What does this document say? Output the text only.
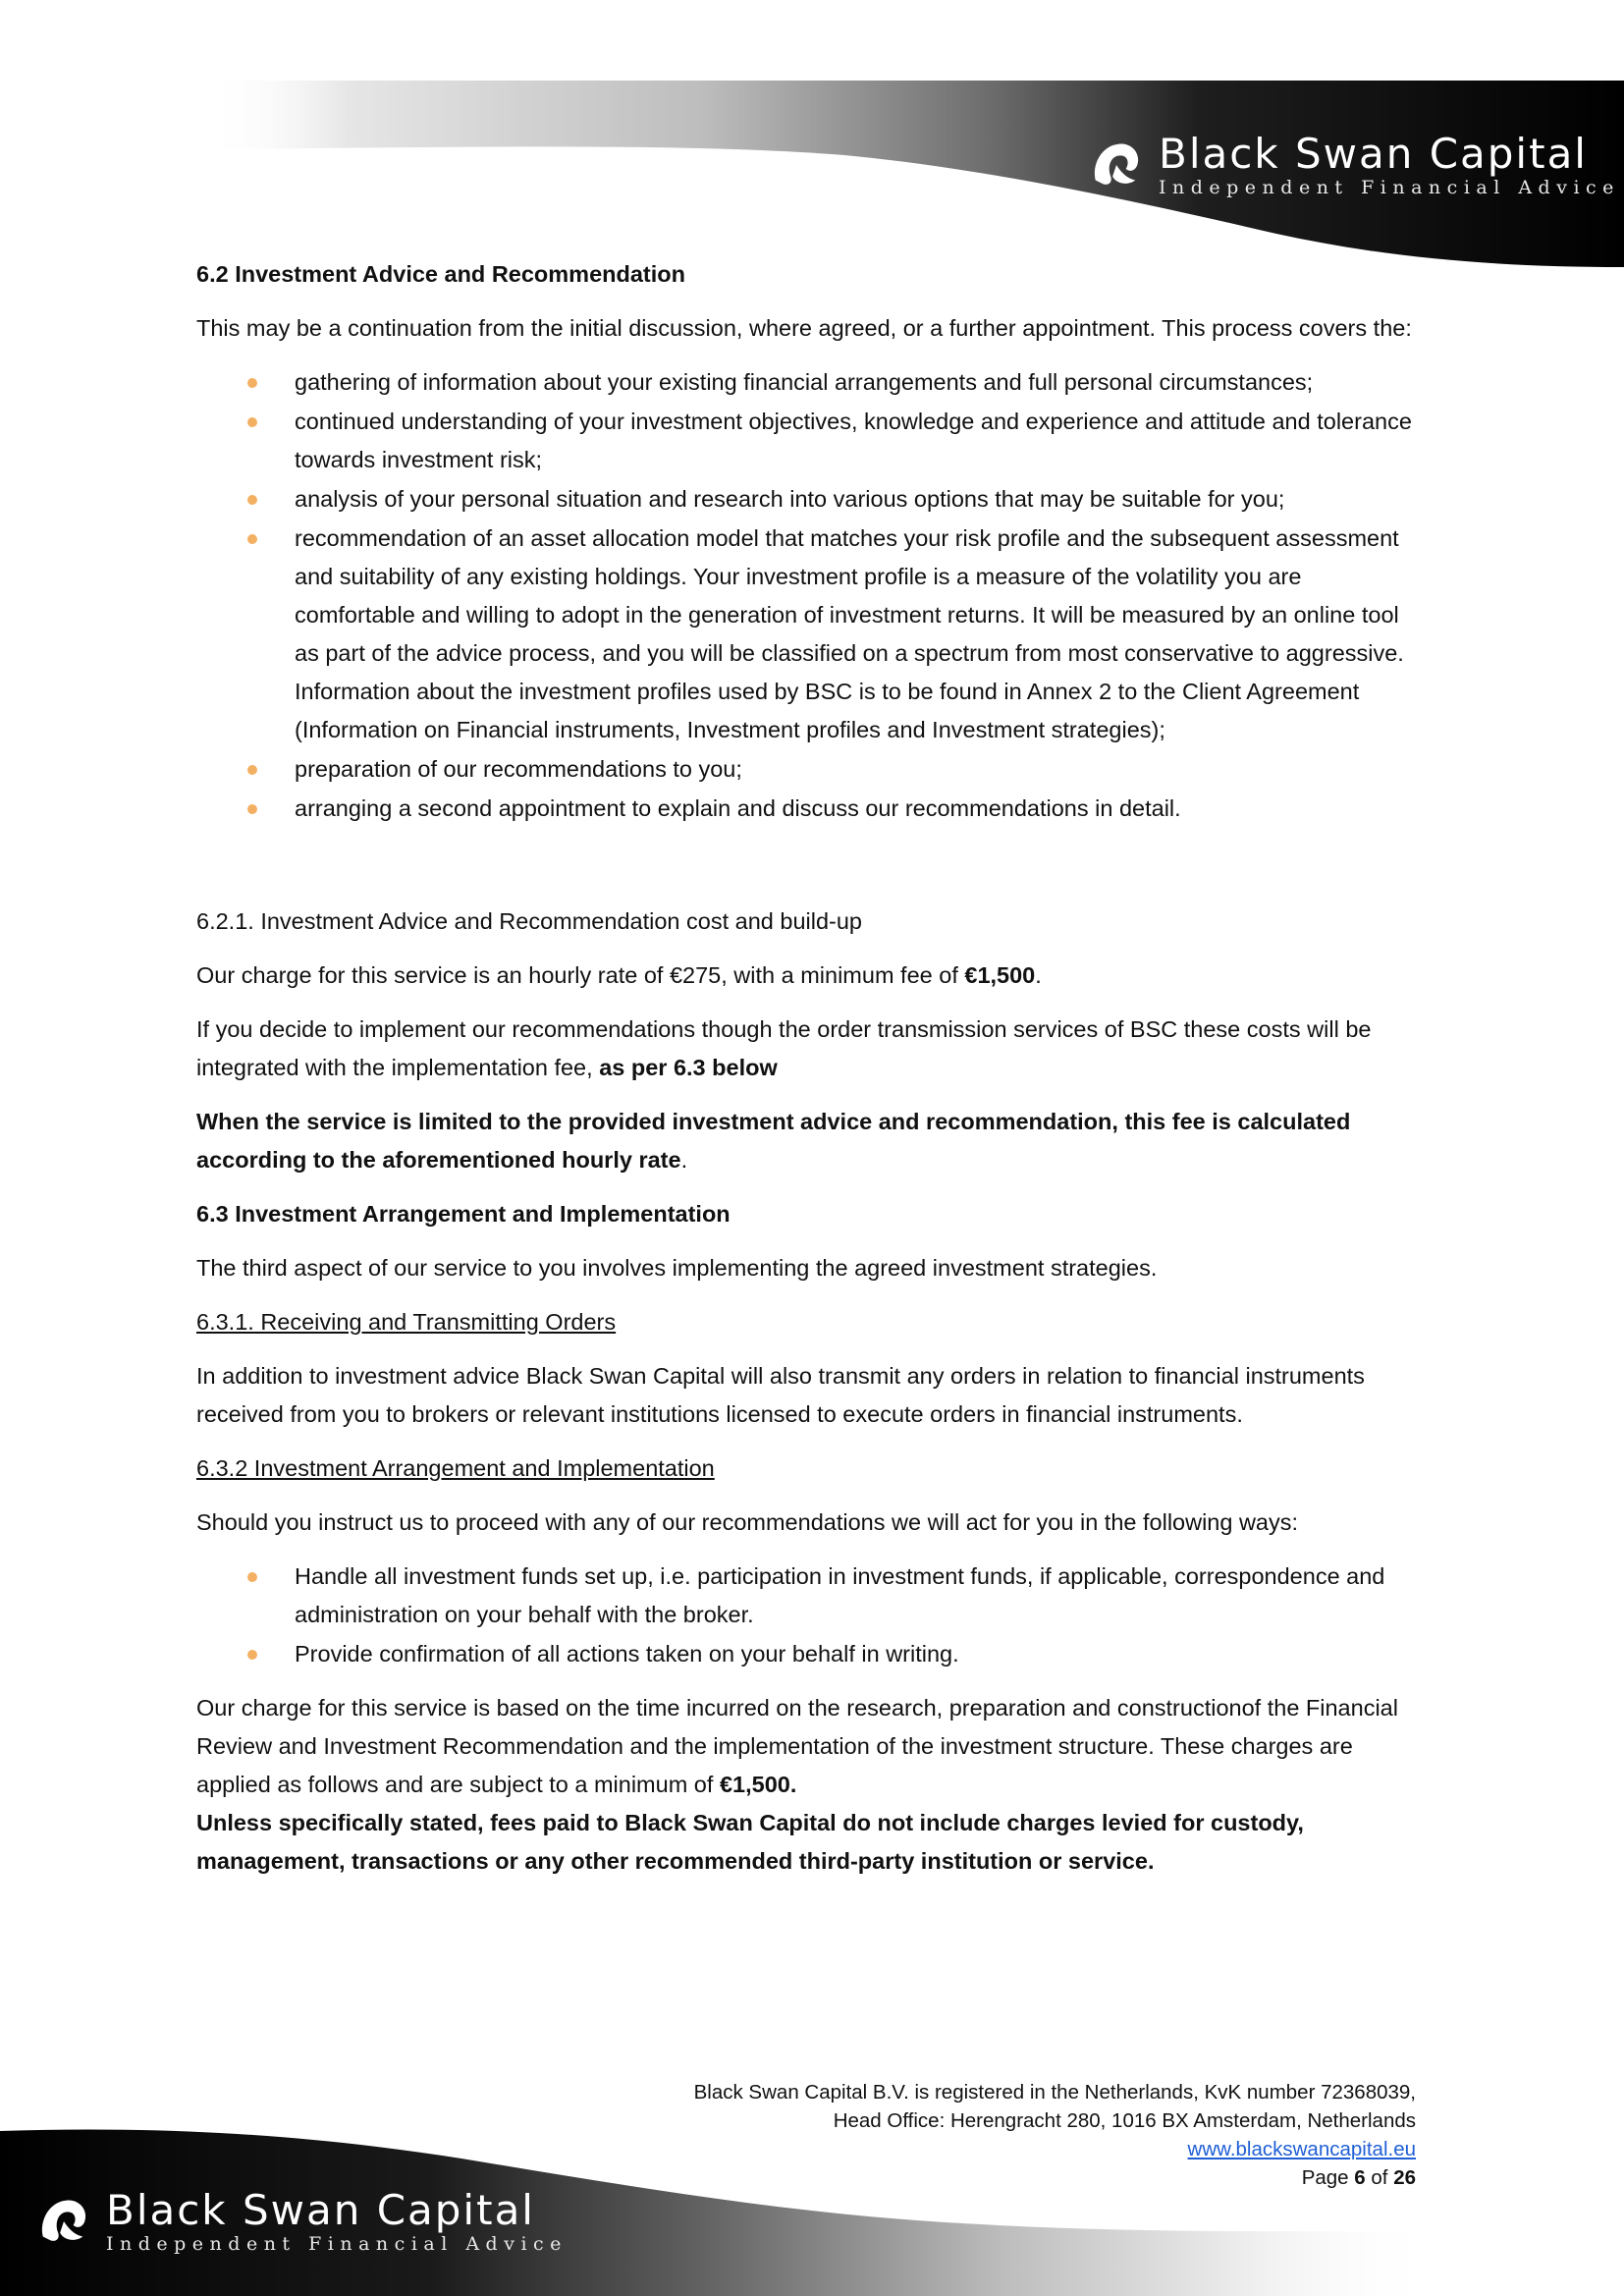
Black Swan Capital
Independent Financial Advice

6.2 Investment Advice and Recommendation

This may be a continuation from the initial discussion, where agreed, or a further appointment. This process covers the:

gathering of information about your existing financial arrangements and full personal circumstances;
continued understanding of your investment objectives, knowledge and experience and attitude and tolerance towards investment risk;
analysis of your personal situation and research into various options that may be suitable for you;
recommendation of an asset allocation model that matches your risk profile and the subsequent assessment and suitability of any existing holdings. Your investment profile is a measure of the volatility you are comfortable and willing to adopt in the generation of investment returns. It will be measured by an online tool as part of the advice process, and you will be classified on a spectrum from most conservative to aggressive. Information about the investment profiles used by BSC is to be found in Annex 2 to the Client Agreement (Information on Financial instruments, Investment profiles and Investment strategies);
preparation of our recommendations to you;
arranging a second appointment to explain and discuss our recommendations in detail.

6.2.1. Investment Advice and Recommendation cost and build-up

Our charge for this service is an hourly rate of €275, with a minimum fee of €1,500.

If you decide to implement our recommendations though the order transmission services of BSC these costs will be integrated with the implementation fee, as per 6.3 below

When the service is limited to the provided investment advice and recommendation, this fee is calculated according to the aforementioned hourly rate.

6.3 Investment Arrangement and Implementation

The third aspect of our service to you involves implementing the agreed investment strategies.

6.3.1. Receiving and Transmitting Orders

In addition to investment advice Black Swan Capital will also transmit any orders in relation to financial instruments received from you to brokers or relevant institutions licensed to execute orders in financial instruments.

6.3.2 Investment Arrangement and Implementation

Should you instruct us to proceed with any of our recommendations we will act for you in the following ways:

Handle all investment funds set up, i.e. participation in investment funds, if applicable, correspondence and administration on your behalf with the broker.
Provide confirmation of all actions taken on your behalf in writing.

Our charge for this service is based on the time incurred on the research, preparation and constructionof the Financial Review and Investment Recommendation and the implementation of the investment structure. These charges are applied as follows and are subject to a minimum of €1,500.

Unless specifically stated, fees paid to Black Swan Capital do not include charges levied for custody, management, transactions or any other recommended third-party institution or service.

Black Swan Capital
Independent Financial Advice
Black Swan Capital B.V. is registered in the Netherlands, KvK number 72368039,
Head Office: Herengracht 280, 1016 BX Amsterdam, Netherlands
www.blackswancapital.eu
Page 6 of 26
